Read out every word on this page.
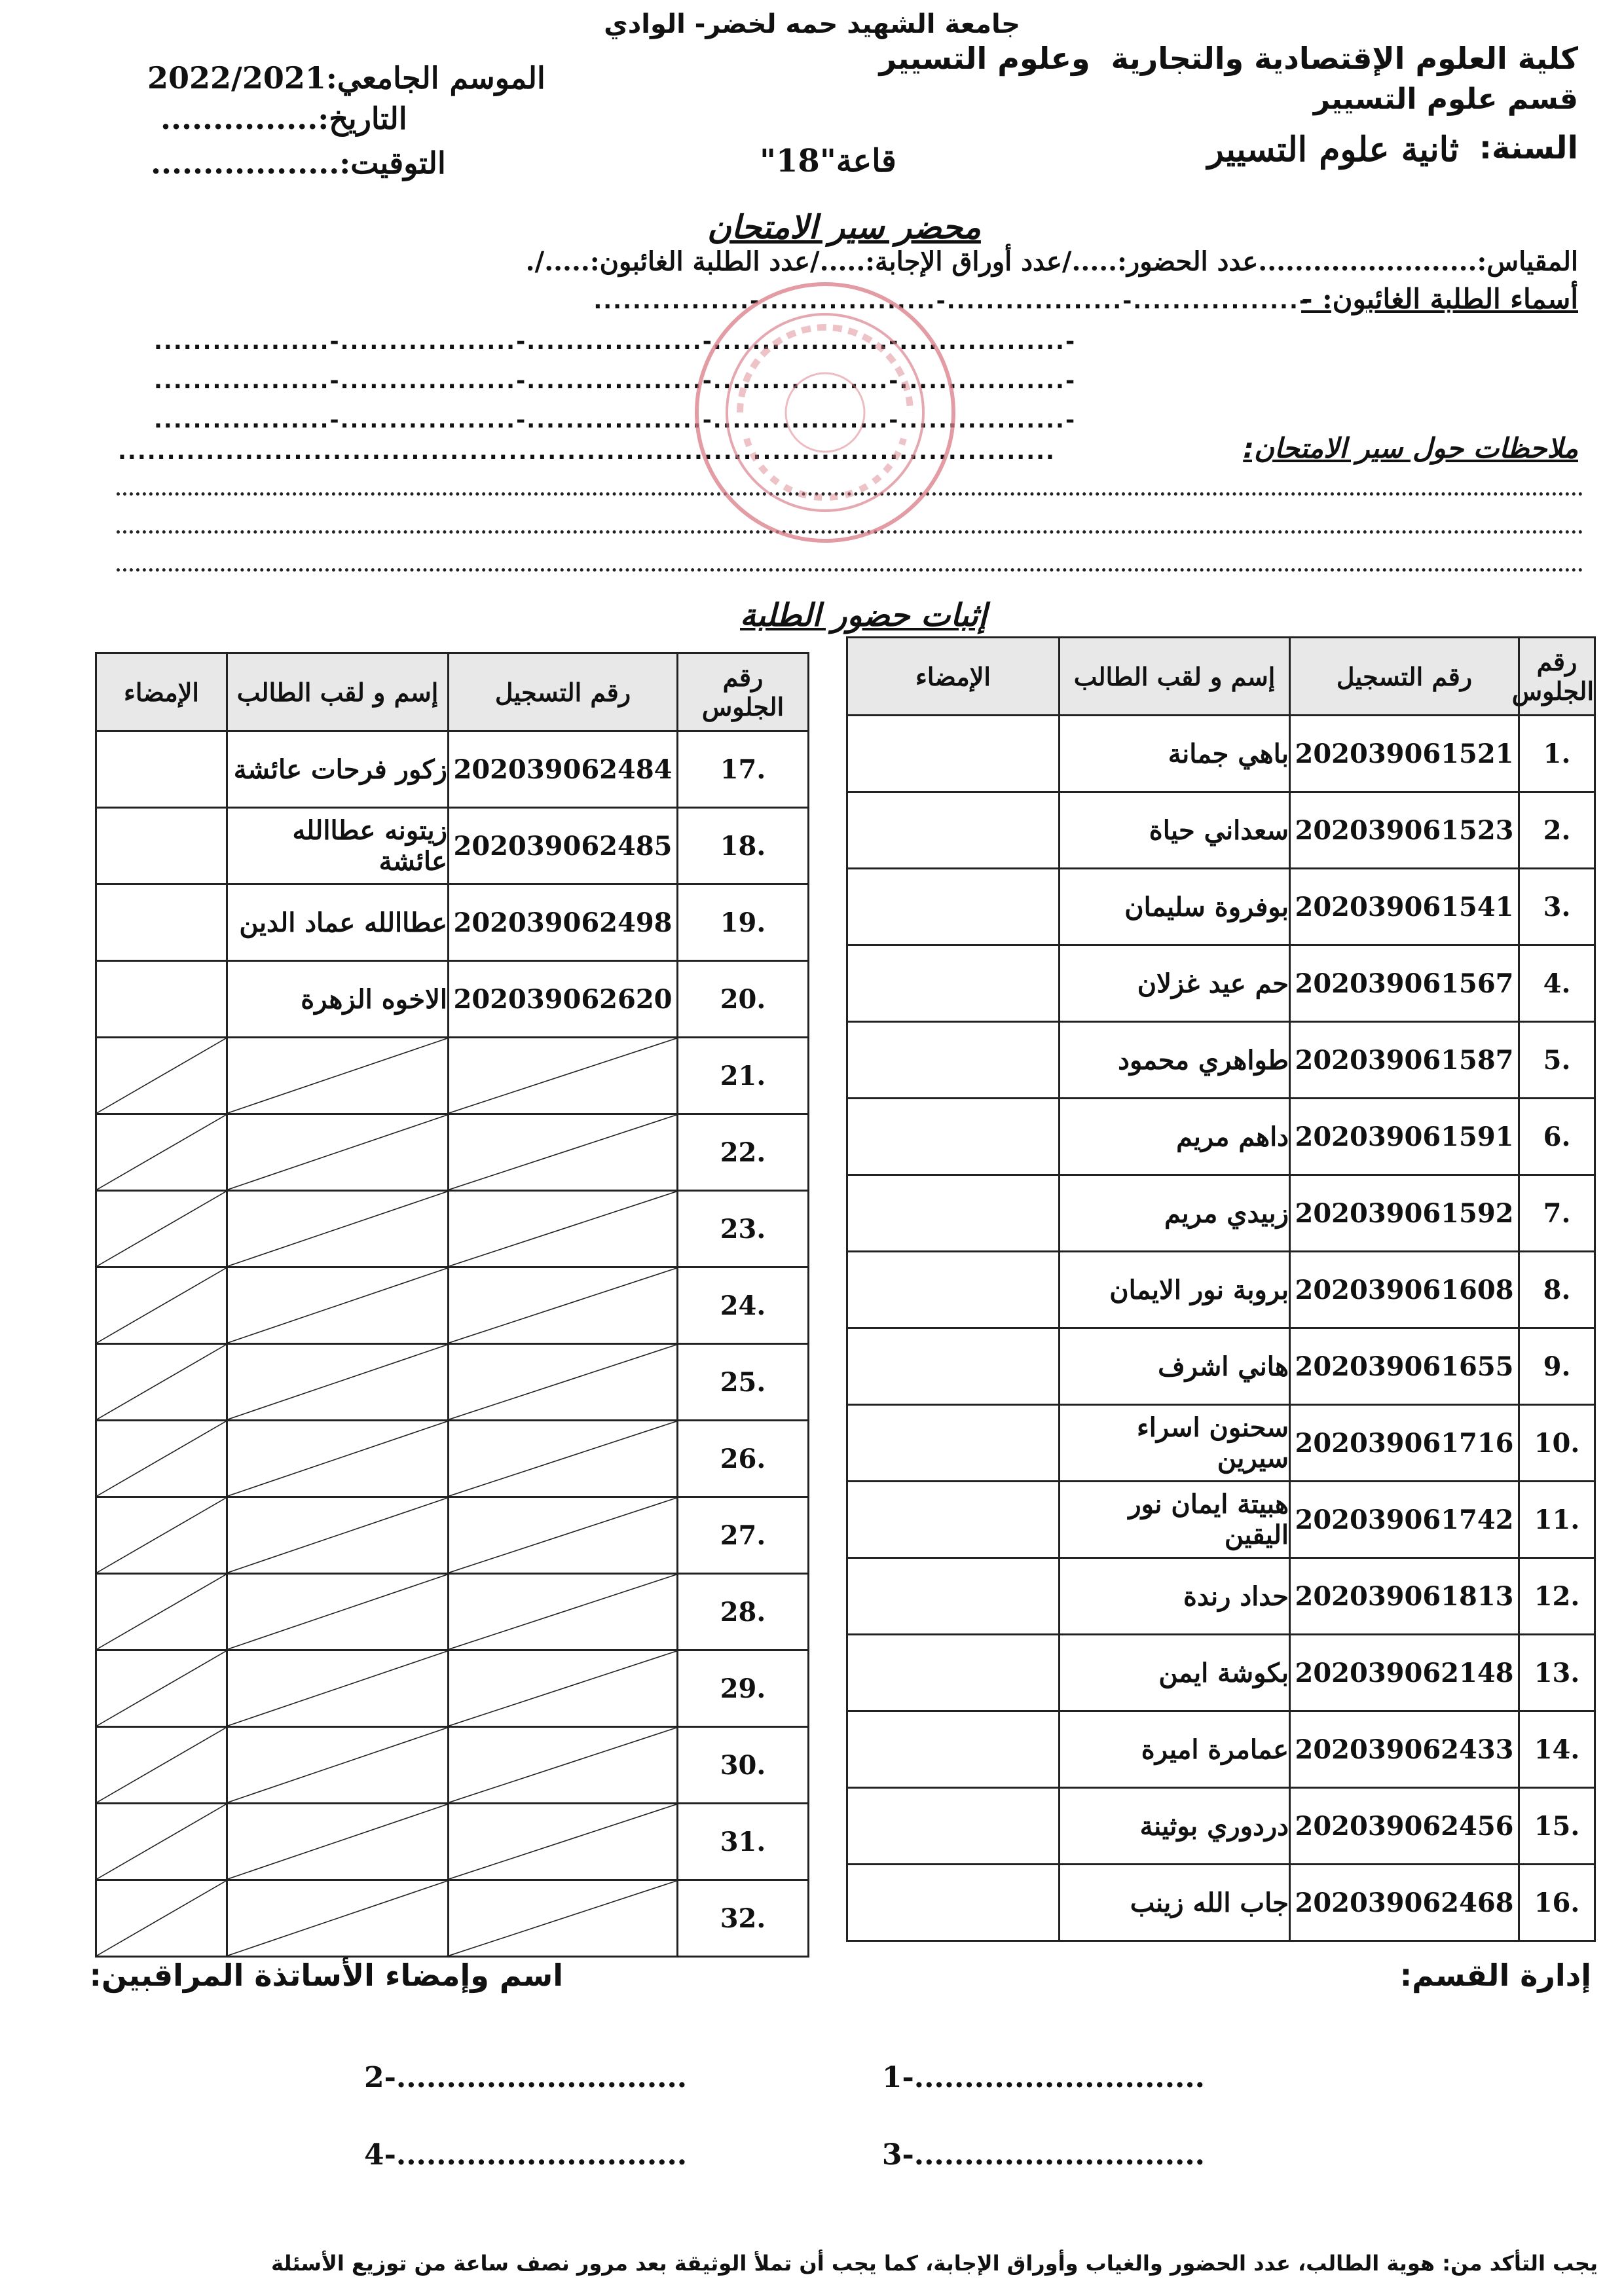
جامعة الشهيد حمه لخضر- الوادي
كلية العلوم الإقتصادية والتجارية  وعلوم التسيير
قسم علوم التسيير
السنة:
ثانية علوم التسيير
قاعة"18"
الموسم الجامعي:2022/2021
التاريخ:...............
التوقيت:..................
محضر سير الامتحان
المقياس:........................عدد الحضور:...../عدد أوراق الإجابة:...../عدد الطلبة الغائبون:...../.
أسماء الطلبة الغائبون: -
................-..................-..................-.................-
..................-..................-..................-..................-.................-
..................-..................-..................-..................-.................-
..................-..................-..................-..................-.................-
ملاحظات حول سير الامتحان:
................................................................................................
إثبات حضور الطلبة
رقم الجلوس	رقم التسجيل	إسم و لقب الطالب	الإمضاء
1.	202039061521	باهي جمانة	
2.	202039061523	سعداني حياة	
3.	202039061541	بوفروة سليمان	
4.	202039061567	حم عيد غزلان	
5.	202039061587	طواهري محمود	
6.	202039061591	داهم مريم	
7.	202039061592	زبيدي مريم	
8.	202039061608	بروبة نور الايمان	
9.	202039061655	هاني اشرف	
10.	202039061716	سحنون اسراء سيرين	
11.	202039061742	هبيتة ايمان نور اليقين	
12.	202039061813	حداد رندة	
13.	202039062148	بكوشة ايمن	
14.	202039062433	عمامرة اميرة	
15.	202039062456	دردوري بوثينة	
16.	202039062468	جاب الله زينب	
رقم الجلوس	رقم التسجيل	إسم و لقب الطالب	الإمضاء
17.	202039062484	زكور فرحات عائشة	
18.	202039062485	زيتونه عطاالله عائشة	
19.	202039062498	عطاالله عماد الدين	
20.	202039062620	الاخوه الزهرة	
21.	

22.	

23.	

24.	

25.	

26.	

27.	

28.	

29.	

30.	

31.	

32.	

إدارة القسم:
اسم وإمضاء الأساتذة المراقبين:
1-.............................
2-.............................
3-.............................
4-.............................
يجب التأكد من: هوية الطالب، عدد الحضور والغياب وأوراق الإجابة، كما يجب أن تملأ الوثيقة بعد مرور نصف ساعة من توزيع الأسئلة
